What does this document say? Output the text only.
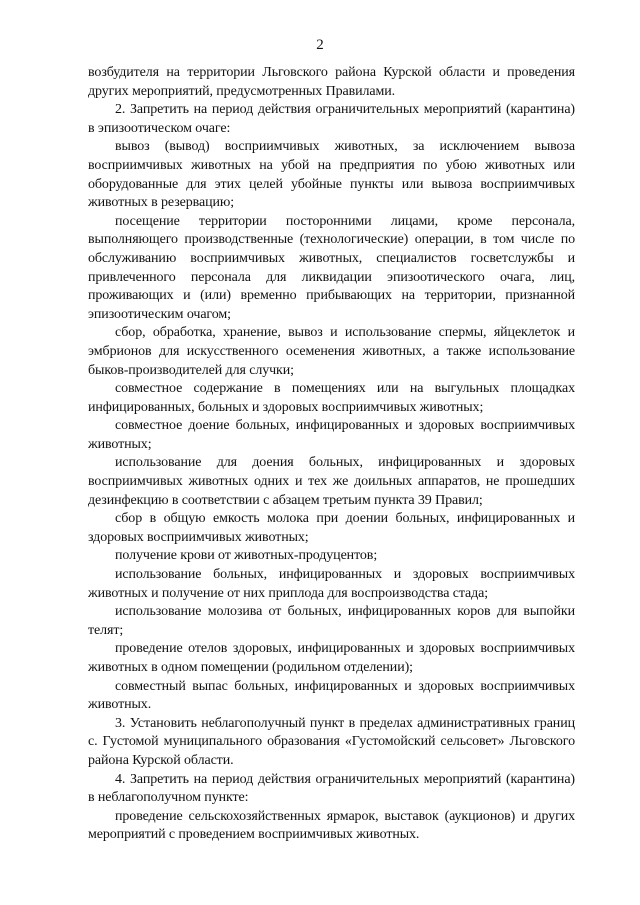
2

возбудителя на территории Льговского района Курской области и проведения других мероприятий, предусмотренных Правилами.

2. Запретить на период действия ограничительных мероприятий (карантина) в эпизоотическом очаге:

вывоз (вывод) восприимчивых животных, за исключением вывоза восприимчивых животных на убой на предприятия по убою животных или оборудованные для этих целей убойные пункты или вывоза восприимчивых животных в резервацию;

посещение территории посторонними лицами, кроме персонала, выполняющего производственные (технологические) операции, в том числе по обслуживанию восприимчивых животных, специалистов госветслужбы и привлеченного персонала для ликвидации эпизоотического очага, лиц, проживающих и (или) временно прибывающих на территории, признанной эпизоотическим очагом;

сбор, обработка, хранение, вывоз и использование спермы, яйцеклеток и эмбрионов для искусственного осеменения животных, а также использование быков-производителей для случки;

совместное содержание в помещениях или на выгульных площадках инфицированных, больных и здоровых восприимчивых животных;

совместное доение больных, инфицированных и здоровых восприимчивых животных;

использование для доения больных, инфицированных и здоровых восприимчивых животных одних и тех же доильных аппаратов, не прошедших дезинфекцию в соответствии с абзацем третьим пункта 39 Правил;

сбор в общую емкость молока при доении больных, инфицированных и здоровых восприимчивых животных;

получение крови от животных-продуцентов;

использование больных, инфицированных и здоровых восприимчивых животных и получение от них приплода для воспроизводства стада;

использование молозива от больных, инфицированных коров для выпойки телят;

проведение отелов здоровых, инфицированных и здоровых восприимчивых животных в одном помещении (родильном отделении);

совместный выпас больных, инфицированных и здоровых восприимчивых животных.

3. Установить неблагополучный пункт в пределах административных границ с. Густомой муниципального образования «Густомойский сельсовет» Льговского района Курской области.

4. Запретить на период действия ограничительных мероприятий (карантина) в неблагополучном пункте:

проведение сельскохозяйственных ярмарок, выставок (аукционов) и других мероприятий с проведением восприимчивых животных.
